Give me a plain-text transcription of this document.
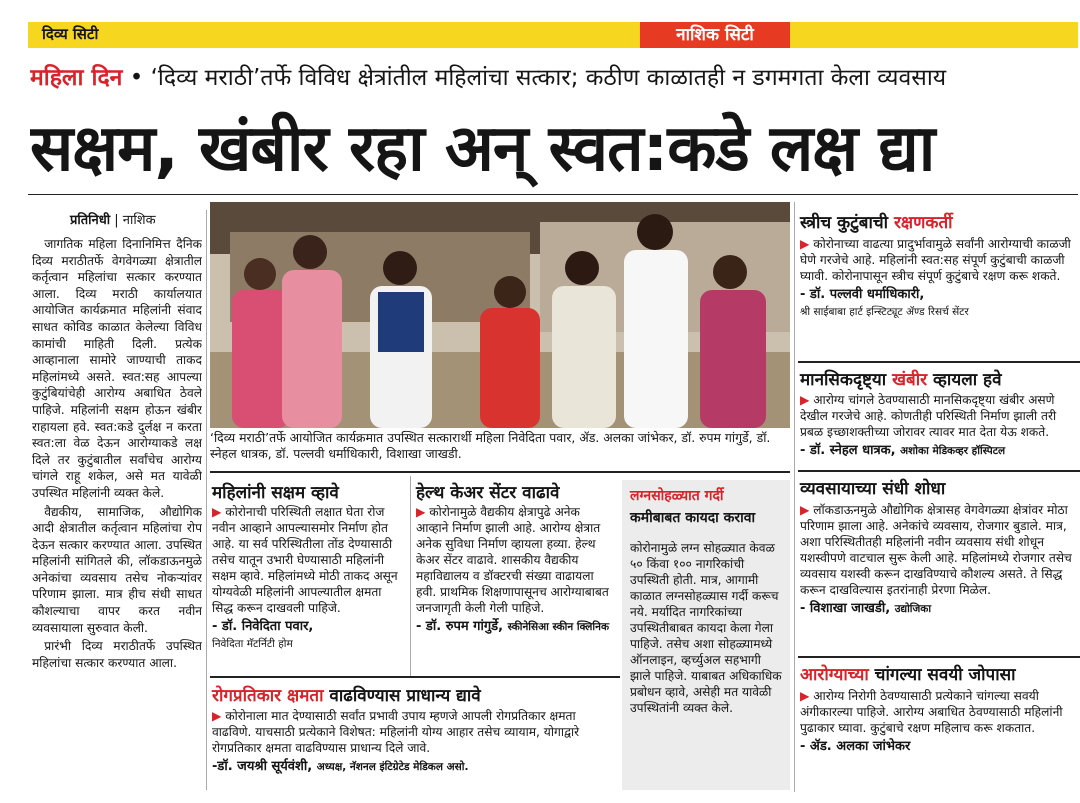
दिव्य सिटी	नाशिक सिटी
महिला दिन • ‘दिव्य मराठी’तर्फे विविध क्षेत्रांतील महिलांचा सत्कार; कठीण काळातही न डगमगता केला व्यवसाय
सक्षम, खंबीर रहा अन् स्वत:कडे लक्ष द्या
प्रतिनिधी | नाशिक

जागतिक महिला दिनानिमित्त दैनिक दिव्य मराठीतर्फे वेगवेगळ्या क्षेत्रातील कर्तृत्वान महिलांचा सत्कार करण्यात आला. दिव्य मराठी कार्यालयात आयोजित कार्यक्रमात महिलांनी संवाद साधत कोविड काळात केलेल्या विविध कामांची माहिती दिली. प्रत्येक आव्हानाला सामोरे जाण्याची ताकद महिलांमध्ये असते. स्वत:सह आपल्या कुटुंबियांचेही आरोग्य अबाधित ठेवले पाहिजे. महिलांनी सक्षम होऊन खंबीर राहायला हवे. स्वत:कडे दुर्लक्ष न करता स्वत:ला वेळ देऊन आरोग्याकडे लक्ष दिले तर कुटुंबातील सर्वांचेच आरोग्य चांगले राहू शकेल, असे मत यावेळी उपस्थित महिलांनी व्यक्त केले.

वैद्यकीय, सामाजिक, औद्योगिक आदी क्षेत्रातील कर्तृत्वान महिलांचा रोप देऊन सत्कार करण्यात आला. उपस्थित महिलांनी सांगितले की, लॉकडाऊनमुळे अनेकांचा व्यवसाय तसेच नोकऱ्यांवर परिणाम झाला. मात्र हीच संधी साधत कौशल्याचा वापर करत नवीन व्यवसायाला सुरुवात केली.

प्रारंभी दिव्य मराठीतर्फे उपस्थित महिलांचा सत्कार करण्यात आला.

‘दिव्य मराठी’तर्फे आयोजित कार्यक्रमात उपस्थित सत्कारार्थी महिला निवेदिता पवार, ॲड. अलका जांभेकर, डॉ. रुपम गांगुर्डे, डॉ. स्नेहल धात्रक, डॉ. पल्लवी धर्माधिकारी, विशाखा जाखडी.
महिलांनी सक्षम व्हावे
▶ कोरोनाची परिस्थिती लक्षात घेता रोज नवीन आव्हाने आपल्यासमोर निर्माण होत आहे. या सर्व परिस्थितीला तोंड देण्यासाठी तसेच यातून उभारी घेण्यासाठी महिलांनी सक्षम व्हावे. महिलांमध्ये मोठी ताकद असून योग्यवेळी महिलांनी आपल्यातील क्षमता सिद्ध करून दाखवली पाहिजे.
- डॉ. निवेदिता पवार,
निवेदिता मॅटर्निटी होम
हेल्थ केअर सेंटर वाढावे
▶ कोरोनामुळे वैद्यकीय क्षेत्रापुढे अनेक आव्हाने निर्माण झाली आहे. आरोग्य क्षेत्रात अनेक सुविधा निर्माण व्हायला हव्या. हेल्थ केअर सेंटर वाढावे. शासकीय वैद्यकीय महाविद्यालय व डॉक्टरची संख्या वाढायला हवी. प्राथमिक शिक्षणापासूनच आरोग्याबाबत जनजागृती केली गेली पाहिजे.
- डॉ. रुपम गांगुर्डे, स्कीनेसिआ स्कीन क्लिनिक
लग्नसोहळ्यात गर्दी
कमीबाबत कायदा करावा
कोरोनामुळे लग्न सोहळ्यात केवळ ५० किंवा १०० नागरिकांची उपस्थिती होती. मात्र, आगामी काळात लग्नसोहळ्यास गर्दी करूच नये. मर्यादित नागरिकांच्या उपस्थितीबाबत कायदा केला गेला पाहिजे. तसेच अशा सोहळ्यामध्ये ऑनलाइन, व्हर्च्युअल सहभागी झाले पाहिजे. याबाबत अधिकाधिक प्रबोधन व्हावे, असेही मत यावेळी उपस्थितांनी व्यक्त केले.
रोगप्रतिकार क्षमता वाढविण्यास प्राधान्य द्यावे
▶ कोरोनाला मात देण्यासाठी सर्वांत प्रभावी उपाय म्हणजे आपली रोगप्रतिकार क्षमता वाढविणे. याचसाठी प्रत्येकाने विशेषत: महिलांनी योग्य आहार तसेच व्यायाम, योगाद्वारे रोगप्रतिकार क्षमता वाढविण्यास प्राधान्य दिले जावे.
-डॉ. जयश्री सूर्यवंशी, अध्यक्ष, नॅशनल इंटिग्रेटेड मेडिकल असो.
स्त्रीच कुटुंबाची रक्षणकर्ती
▶ कोरोनाच्या वाढत्या प्रादुर्भावामुळे सर्वांनी आरोग्याची काळजी घेणे गरजेचे आहे. महिलांनी स्वत:सह संपूर्ण कुटुंबाची काळजी घ्यावी. कोरोनापासून स्त्रीच संपूर्ण कुटुंबाचे रक्षण करू शकते.
- डॉ. पल्लवी धर्माधिकारी,
श्री साईबाबा हार्ट इन्स्टिट्यूट ॲण्ड रिसर्च सेंटर
मानसिकदृष्ट्या खंबीर व्हायला हवे
▶ आरोग्य चांगले ठेवण्यासाठी मानसिकदृष्ट्या खंबीर असणे देखील गरजेचे आहे. कोणतीही परिस्थिती निर्माण झाली तरी प्रबळ इच्छाशक्तीच्या जोरावर त्यावर मात देता येऊ शकते.
- डॉ. स्नेहल धात्रक, अशोका मेडिकव्हर हॉस्पिटल
व्यवसायाच्या संधी शोधा
▶ लॉकडाऊनमुळे औद्योगिक क्षेत्रासह वेगवेगळ्या क्षेत्रांवर मोठा परिणाम झाला आहे. अनेकांचे व्यवसाय, रोजगार बुडाले. मात्र, अशा परिस्थितीतही महिलांनी नवीन व्यवसाय संधी शोधून यशस्वीपणे वाटचाल सुरू केली आहे. महिलांमध्ये रोजगार तसेच व्यवसाय यशस्वी करून दाखविण्याचे कौशल्य असते. ते सिद्ध करून दाखविल्यास इतरांनाही प्रेरणा मिळेल.
- विशाखा जाखडी, उद्योजिका
आरोग्याच्या चांगल्या सवयी जोपासा
▶ आरोग्य निरोगी ठेवण्यासाठी प्रत्येकाने चांगल्या सवयी अंगीकारल्या पाहिजे. आरोग्य अबाधित ठेवण्यासाठी महिलांनी पुढाकार घ्यावा. कुटुंबाचे रक्षण महिलाच करू शकतात.
- ॲड. अलका जांभेकर
